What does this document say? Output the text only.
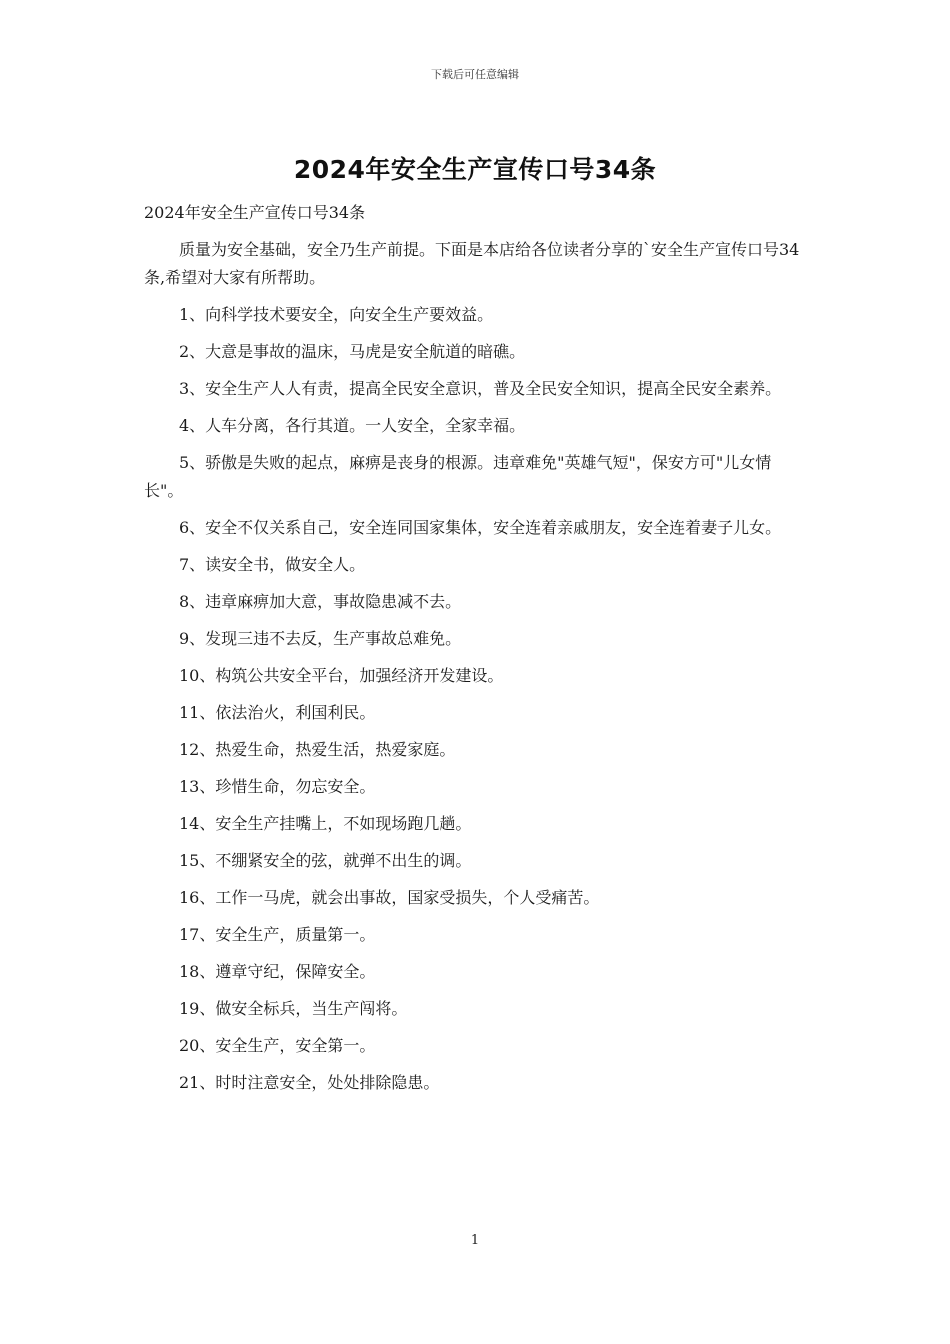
下载后可任意编辑
2024年安全生产宣传口号34条

2024年安全生产宣传口号34条

质量为安全基础，安全乃生产前提。下面是本店给各位读者分享的`安全生产宣传口号34条,希望对大家有所帮助。

1、向科学技术要安全，向安全生产要效益。

2、大意是事故的温床，马虎是安全航道的暗礁。

3、安全生产人人有责，提高全民安全意识，普及全民安全知识，提高全民安全素养。

4、人车分离，各行其道。一人安全，全家幸福。

5、骄傲是失败的起点，麻痹是丧身的根源。违章难免"英雄气短"，保安方可"儿女情长"。

6、安全不仅关系自己，安全连同国家集体，安全连着亲戚朋友，安全连着妻子儿女。

7、读安全书，做安全人。

8、违章麻痹加大意，事故隐患减不去。

9、发现三违不去反，生产事故总难免。

10、构筑公共安全平台，加强经济开发建设。

11、依法治火，利国利民。

12、热爱生命，热爱生活，热爱家庭。

13、珍惜生命，勿忘安全。

14、安全生产挂嘴上，不如现场跑几趟。

15、不绷紧安全的弦，就弹不出生的调。

16、工作一马虎，就会出事故，国家受损失，个人受痛苦。

17、安全生产，质量第一。

18、遵章守纪，保障安全。

19、做安全标兵，当生产闯将。

20、安全生产，安全第一。

21、时时注意安全，处处排除隐患。

1
